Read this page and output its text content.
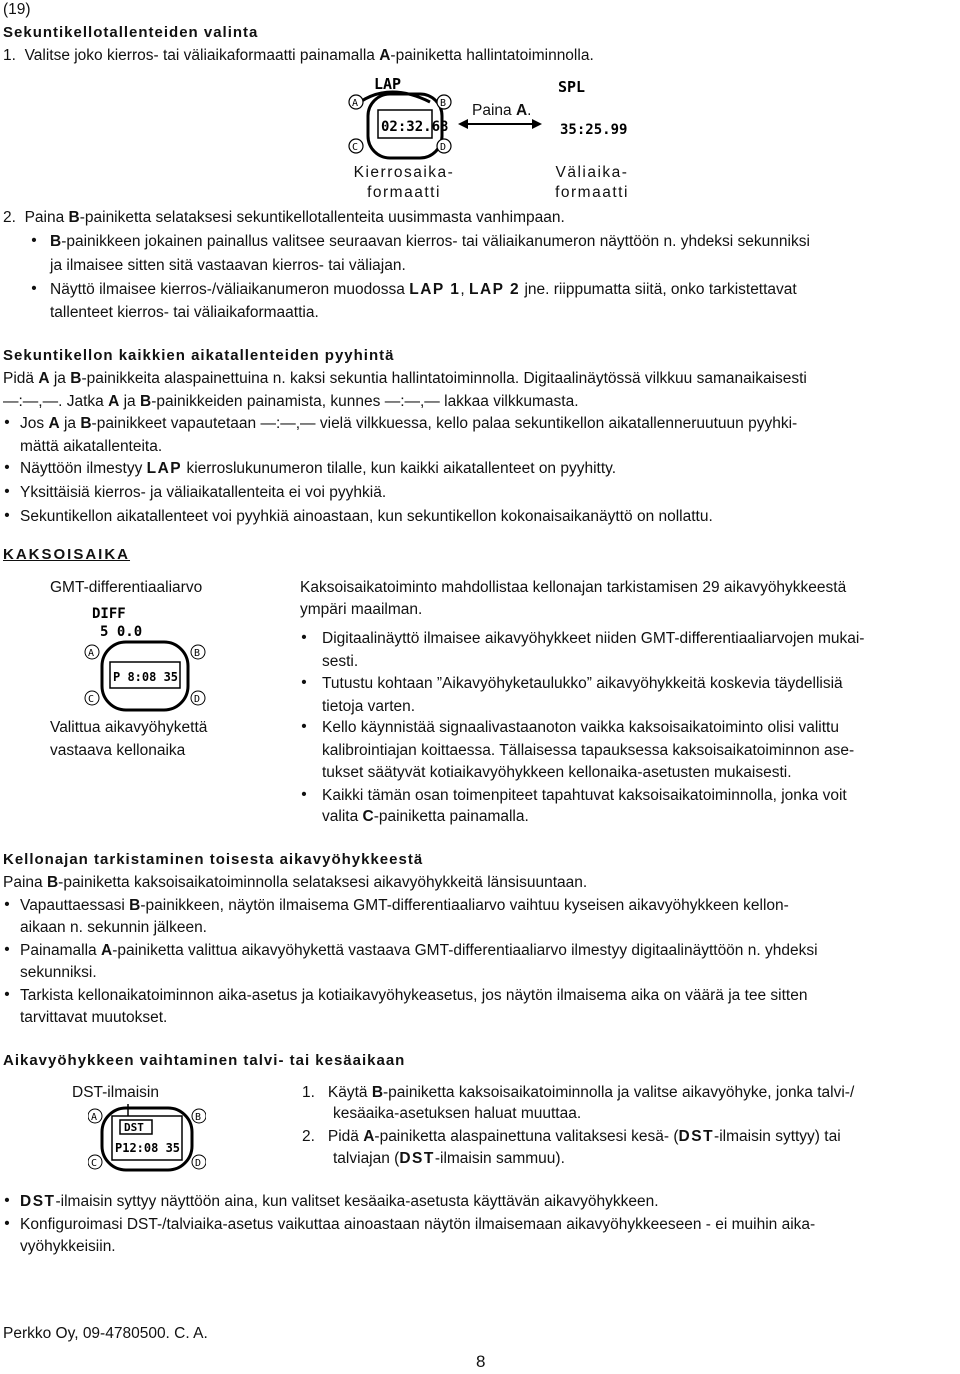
(19)
Sekuntikellotallenteiden valinta
1. Valitse joko kierros- tai väliaikaformaatti painamalla A-painiketta hallintatoiminnolla.
LAP
02:32.68
A	B
C	D
SPL
35:25.99
Paina A.
Kierrosaika-
formaatti
Väliaika-
formaatti
2. Paina B-painiketta selataksesi sekuntikellotallenteita uusimmasta vanhimpaan.
• B-painikkeen jokainen painallus valitsee seuraavan kierros- tai väliaikanumeron näyttöön n. yhdeksi sekunniksi
ja ilmaisee sitten sitä vastaavan kierros- tai väliajan.
• Näyttö ilmaisee kierros-/väliaikanumeron muodossa LAP 1, LAP 2 jne. riippumatta siitä, onko tarkistettavat
tallenteet kierros- tai väliaikaformaattia.
Sekuntikellon kaikkien aikatallenteiden pyyhintä
Pidä A ja B-painikkeita alaspainettuina n. kaksi sekuntia hallintatoiminnolla. Digitaalinäytössä vilkkuu samanaikaisesti
—:—,—. Jatka A ja B-painikkeiden painamista, kunnes —:—,— lakkaa vilkkumasta.
• Jos A ja B-painikkeet vapautetaan —:—,— vielä vilkkuessa, kello palaa sekuntikellon aikatallenneruutuun pyyhki-
mättä aikatallenteita.
• Näyttöön ilmestyy LAP kierroslukunumeron tilalle, kun kaikki aikatallenteet on pyyhitty.
• Yksittäisiä kierros- ja väliaikatallenteita ei voi pyyhkiä.
• Sekuntikellon aikatallenteet voi pyyhkiä ainoastaan, kun sekuntikellon kokonaisaikanäyttö on nollattu.
KAKSOISAIKA
GMT-differentiaaliarvo
DIFF
5 0.0
P 8:08 35
A	B
C	D
Valittua aikavyöhykettä
vastaava kellonaika
Kaksoisaikatoiminto mahdollistaa kellonajan tarkistamisen 29 aikavyöhykkeestä
ympäri maailman.
• Digitaalinäyttö ilmaisee aikavyöhykkeet niiden GMT-differentiaaliarvojen mukai-
sesti.
• Tutustu kohtaan ”Aikavyöhyketaulukko” aikavyöhykkeitä koskevia täydellisiä
tietoja varten.
• Kello käynnistää signaalivastaanoton vaikka kaksoisaikatoiminto olisi valittu
kalibrointiajan koittaessa. Tällaisessa tapauksessa kaksoisaikatoiminnon ase-
tukset säätyvät kotiaikavyöhykkeen kellonaika-asetusten mukaisesti.
• Kaikki tämän osan toimenpiteet tapahtuvat kaksoisaikatoiminnolla, jonka voit
valita C-painiketta painamalla.
Kellonajan tarkistaminen toisesta aikavyöhykkeestä
Paina B-painiketta kaksoisaikatoiminnolla selataksesi aikavyöhykkeitä länsisuuntaan.
• Vapauttaessasi B-painikkeen, näytön ilmaisema GMT-differentiaaliarvo vaihtuu kyseisen aikavyöhykkeen kellon-
aikaan n. sekunnin jälkeen.
• Painamalla A-painiketta valittua aikavyöhykettä vastaava GMT-differentiaaliarvo ilmestyy digitaalinäyttöön n. yhdeksi
sekunniksi.
• Tarkista kellonaikatoiminnon aika-asetus ja kotiaikavyöhykeasetus, jos näytön ilmaisema aika on väärä ja tee sitten
tarvittavat muutokset.
Aikavyöhykkeen vaihtaminen talvi- tai kesäaikaan
DST-ilmaisin
DST
P12:08 35
A	B
C	D
1. Käytä B-painiketta kaksoisaikatoiminnolla ja valitse aikavyöhyke, jonka talvi-/
kesäaika-asetuksen haluat muuttaa.
2. Pidä A-painiketta alaspainettuna valitaksesi kesä- (DST-ilmaisin syttyy) tai
talviajan (DST-ilmaisin sammuu).
• DST-ilmaisin syttyy näyttöön aina, kun valitset kesäaika-asetusta käyttävän aikavyöhykkeen.
• Konfiguroimasi DST-/talviaika-asetus vaikuttaa ainoastaan näytön ilmaisemaan aikavyöhykkeeseen - ei muihin aika-
vyöhykkeisiin.
Perkko Oy, 09-4780500. C. A.
8
